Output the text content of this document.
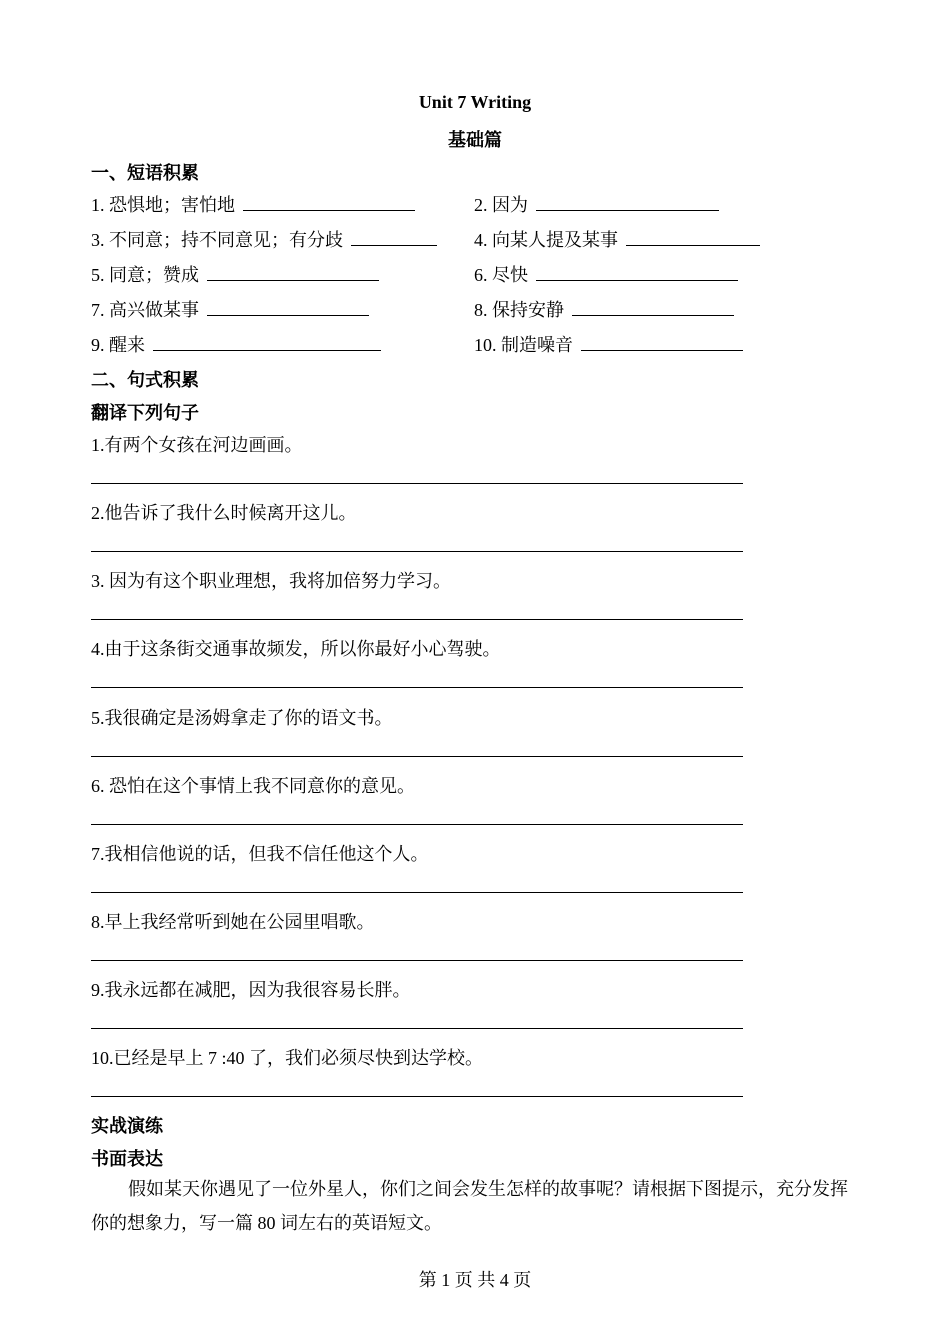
Unit 7 Writing
基础篇
一、短语积累
1. 恐惧地；害怕地	2. 因为
3. 不同意；持不同意见；有分歧	4. 向某人提及某事
5. 同意；赞成	6. 尽快
7. 高兴做某事	8. 保持安静
9. 醒来	10. 制造噪音
二、句式积累
翻译下列句子
1.有两个女孩在河边画画。
2.他告诉了我什么时候离开这儿。
3. 因为有这个职业理想，我将加倍努力学习。
4.由于这条街交通事故频发，所以你最好小心驾驶。
5.我很确定是汤姆拿走了你的语文书。
6. 恐怕在这个事情上我不同意你的意见。
7.我相信他说的话，但我不信任他这个人。
8.早上我经常听到她在公园里唱歌。
9.我永远都在减肥，因为我很容易长胖。
10.已经是早上 7 :40 了，我们必须尽快到达学校。
实战演练
书面表达
假如某天你遇见了一位外星人，你们之间会发生怎样的故事呢？请根据下图提示，充分发挥你的想象力，写一篇 80 词左右的英语短文。
第 1 页 共 4 页
